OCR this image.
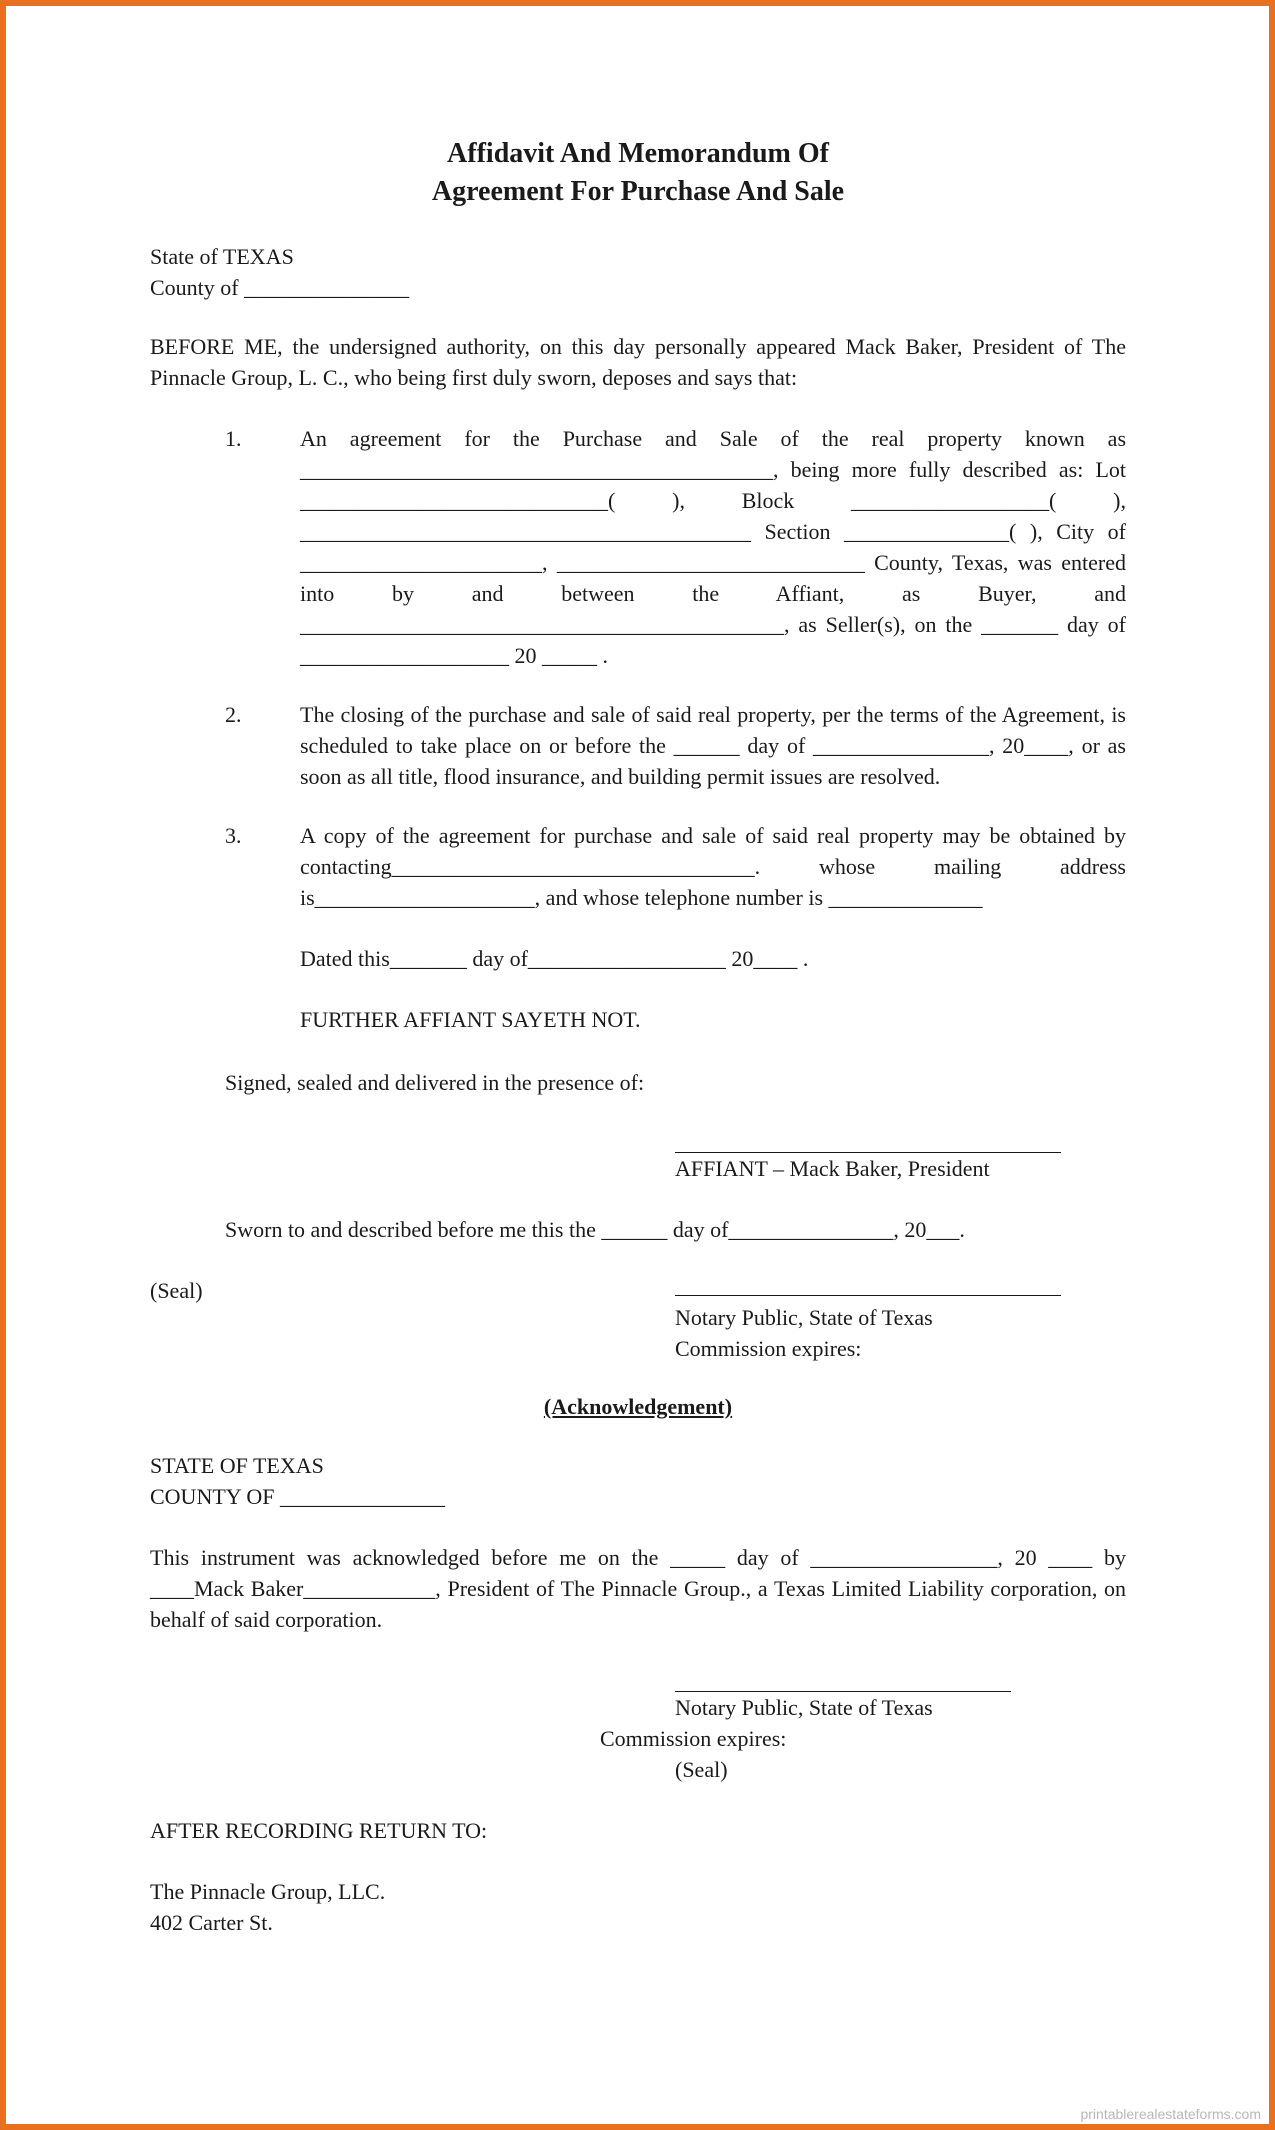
Affidavit And Memorandum Of
Agreement For Purchase And Sale

State of TEXAS

County of _______________

BEFORE ME, the undersigned authority, on this day personally appeared Mack Baker, President of The Pinnacle Group, L. C., who being first duly sworn, deposes and says that:

1.	An agreement for the Purchase and Sale of the real property known as ___________________________________________, being more fully described as: Lot ____________________________( ), Block __________________( ), _________________________________________ Section _______________( ), City of ______________________, ____________________________ County, Texas, was entered into by and between the Affiant, as Buyer, and ____________________________________________, as Seller(s), on the _______ day of ___________________ 20 _____ .
2.	The closing of the purchase and sale of said real property, per the terms of the Agreement, is scheduled to take place on or before the ______ day of ________________, 20____, or as soon as all title, flood insurance, and building permit issues are resolved.
3.	A copy of the agreement for purchase and sale of said real property may be obtained by contacting_________________________________. whose mailing address is____________________, and whose telephone number is ______________

Dated this_______ day of__________________ 20____ .

FURTHER AFFIANT SAYETH NOT.

Signed, sealed and delivered in the presence of:

AFFIANT – Mack Baker, President

Sworn to and described before me this the ______ day of_______________, 20___.

(Seal)

Notary Public, State of Texas

Commission expires:

(Acknowledgement)

STATE OF TEXAS

COUNTY OF _______________

This instrument was acknowledged before me on the _____ day of _________________, 20 ____ by ____Mack Baker____________, President of The Pinnacle Group., a Texas Limited Liability corporation, on behalf of said corporation.

Notary Public, State of Texas

Commission expires:

(Seal)

AFTER RECORDING RETURN TO:

The Pinnacle Group, LLC.

402 Carter St.

printablerealestateforms.com
